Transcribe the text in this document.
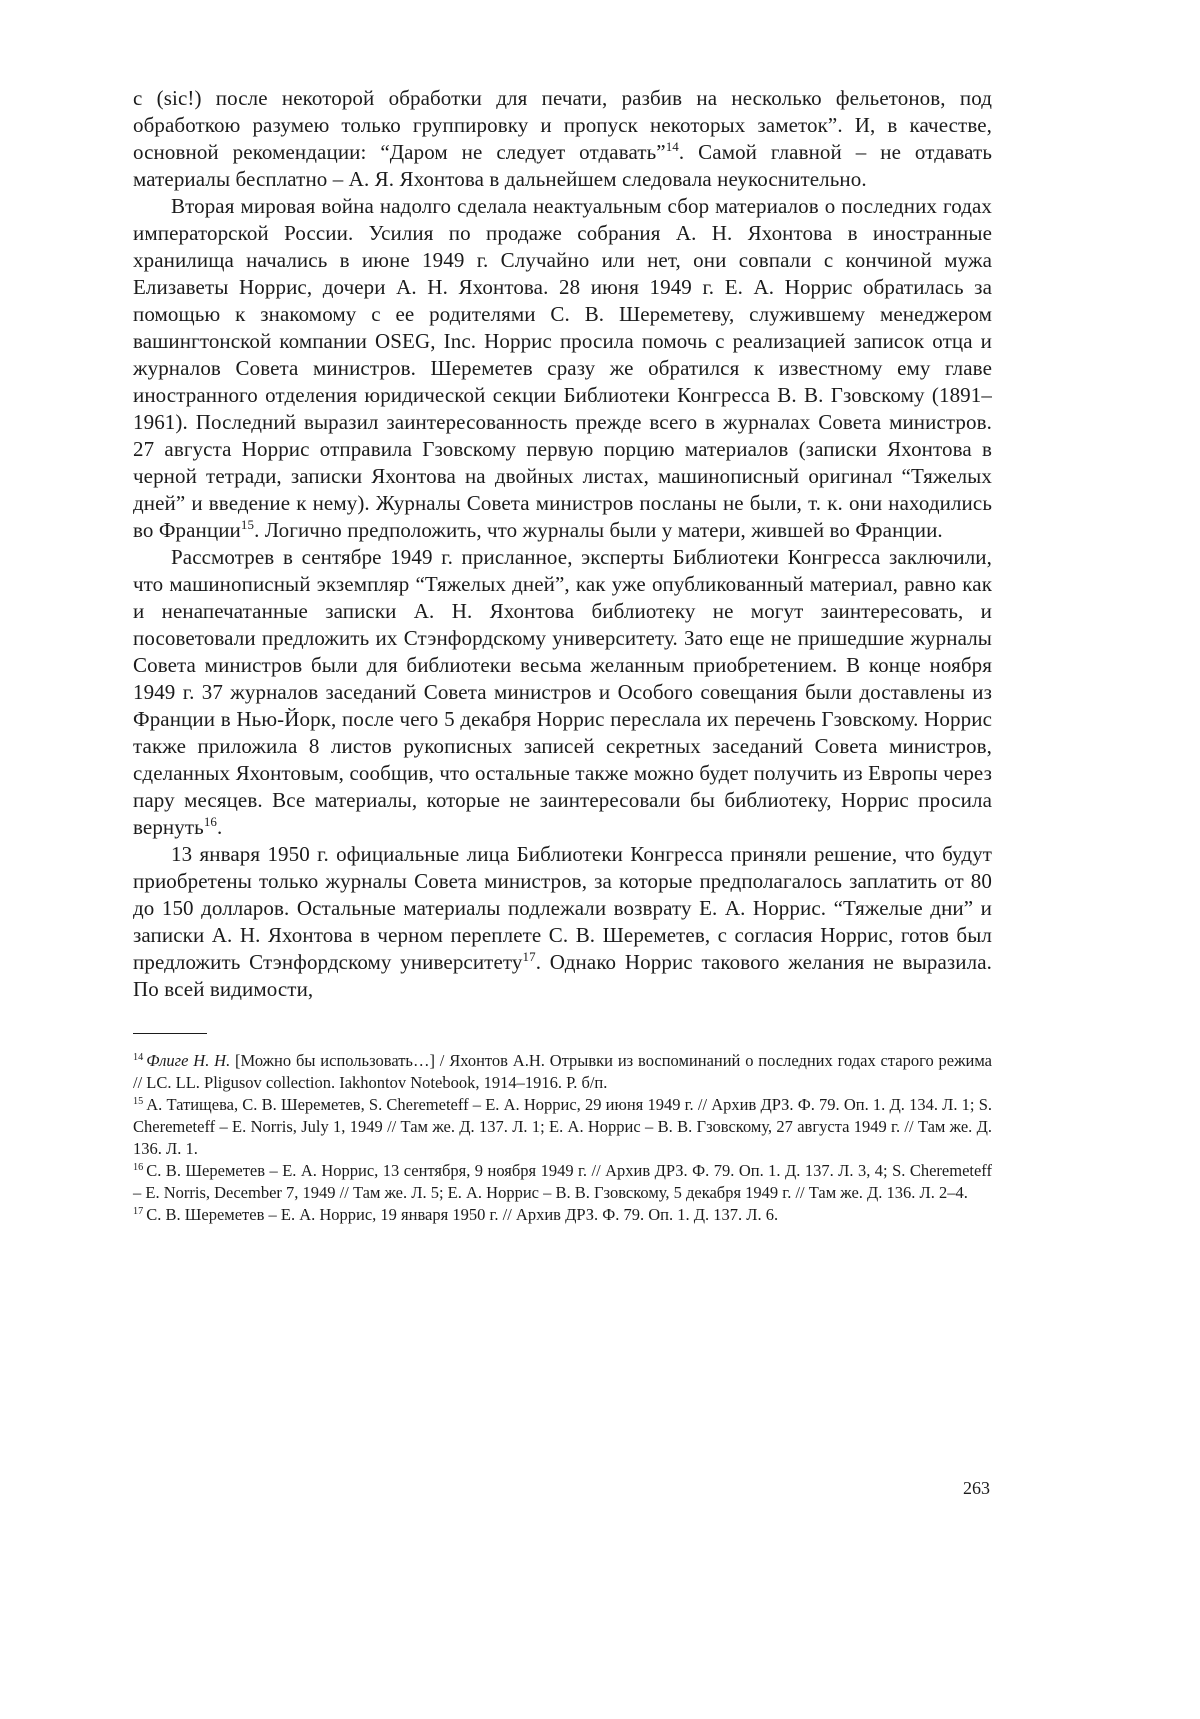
с (sic!) после некоторой обработки для печати, разбив на несколько фельетонов, под обработкою разумею только группировку и пропуск некоторых заметок”. И, в качестве, основной рекомендации: “Даром не следует отдавать”$^{14}$. Самой главной – не отдавать материалы бесплатно – А. Я. Яхонтова в дальнейшем следовала неукоснительно.

Вторая мировая война надолго сделала неактуальным сбор материалов о последних годах императорской России. Усилия по продаже собрания А. Н. Яхонтова в иностранные хранилища начались в июне 1949 г. Случайно или нет, они совпали с кончиной мужа Елизаветы Норрис, дочери А. Н. Яхонтова. 28 июня 1949 г. Е. А. Норрис обратилась за помощью к знакомому с ее родителями С. В. Шереметеву, служившему менеджером вашингтонской компании OSEG, Inc. Норрис просила помочь с реализацией записок отца и журналов Совета министров. Шереметев сразу же обратился к известному ему главе иностранного отделения юридической секции Библиотеки Конгресса В. В. Гзовскому (1891–1961). Последний выразил заинтересованность прежде всего в журналах Совета министров. 27 августа Норрис отправила Гзовскому первую порцию материалов (записки Яхонтова в черной тетради, записки Яхонтова на двойных листах, машинописный оригинал “Тяжелых дней” и введение к нему). Журналы Совета министров посланы не были, т. к. они находились во Франции$^{15}$. Логично предположить, что журналы были у матери, жившей во Франции.

Рассмотрев в сентябре 1949 г. присланное, эксперты Библиотеки Конгресса заключили, что машинописный экземпляр “Тяжелых дней”, как уже опубликованный материал, равно как и ненапечатанные записки А. Н. Яхонтова библиотеку не могут заинтересовать, и посоветовали предложить их Стэнфордскому университету. Зато еще не пришедшие журналы Совета министров были для библиотеки весьма желанным приобретением. В конце ноября 1949 г. 37 журналов заседаний Совета министров и Особого совещания были доставлены из Франции в Нью-Йорк, после чего 5 декабря Норрис переслала их перечень Гзовскому. Норрис также приложила 8 листов рукописных записей секретных заседаний Совета министров, сделанных Яхонтовым, сообщив, что остальные также можно будет получить из Европы через пару месяцев. Все материалы, которые не заинтересовали бы библиотеку, Норрис просила вернуть$^{16}$.

13 января 1950 г. официальные лица Библиотеки Конгресса приняли решение, что будут приобретены только журналы Совета министров, за которые предполагалось заплатить от 80 до 150 долларов. Остальные материалы подлежали возврату Е. А. Норрис. “Тяжелые дни” и записки А. Н. Яхонтова в черном переплете С. В. Шереметев, с согласия Норрис, готов был предложить Стэнфордскому университету$^{17}$. Однако Норрис такового желания не выразила. По всей видимости,

$^{14}$ Флиге Н. Н. [Можно бы использовать…] / Яхонтов А.Н. Отрывки из воспоминаний о последних годах старого режима // LC. LL. Pligusov collection. Iakhontov Notebook, 1914–1916. Р. б/п.

$^{15}$ А. Татищева, С. В. Шереметев, S. Cheremeteff – Е. А. Норрис, 29 июня 1949 г. // Архив ДРЗ. Ф. 79. Оп. 1. Д. 134. Л. 1; S. Cheremeteff – E. Norris, July 1, 1949 // Там же. Д. 137. Л. 1; Е. А. Норрис – В. В. Гзовскому, 27 августа 1949 г. // Там же. Д. 136. Л. 1.

$^{16}$ С. В. Шереметев – Е. А. Норрис, 13 сентября, 9 ноября 1949 г. // Архив ДРЗ. Ф. 79. Оп. 1. Д. 137. Л. 3, 4; S. Cheremeteff – E. Norris, December 7, 1949 // Там же. Л. 5; Е. А. Норрис – В. В. Гзовскому, 5 декабря 1949 г. // Там же. Д. 136. Л. 2–4.

$^{17}$ С. В. Шереметев – Е. А. Норрис, 19 января 1950 г. // Архив ДРЗ. Ф. 79. Оп. 1. Д. 137. Л. 6.

263
